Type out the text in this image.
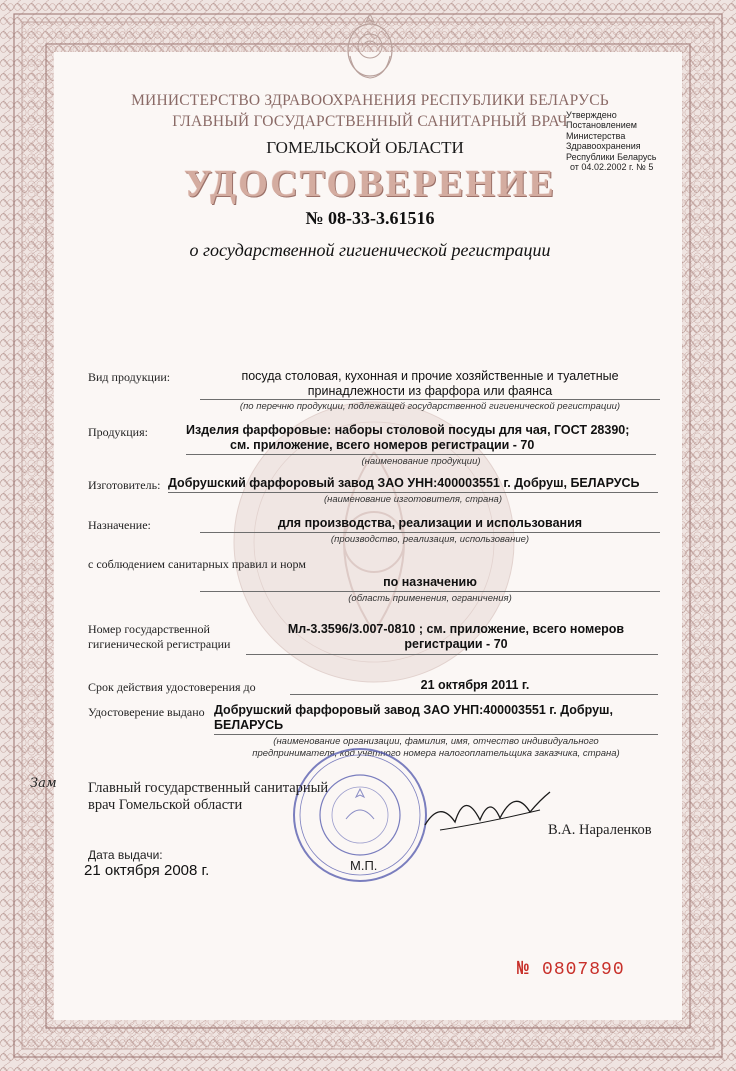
МИНИСТЕРСТВО ЗДРАВООХРАНЕНИЯ РЕСПУБЛИКИ БЕЛАРУСЬ
ГЛАВНЫЙ ГОСУДАРСТВЕННЫЙ САНИТАРНЫЙ ВРАЧ
ГОМЕЛЬСКОЙ ОБЛАСТИ
Утверждено
Постановлением
Министерства
Здравоохранения
Республики Беларусь
от 04.02.2002 г. № 5
УДОСТОВЕРЕНИЕ
№ 08-33-3.61516
о государственной гигиенической регистрации
Вид продукции:	посуда столовая, кухонная и прочие хозяйственные и туалетные
принадлежности из фарфора или фаянса
(по перечню продукции, подлежащей государственной гигиенической регистрации)
Продукция:	Изделия фарфоровые: наборы столовой посуды для чая, ГОСТ 28390;
см. приложение, всего номеров регистрации - 70
(наименование продукции)
Изготовитель: Добрушский фарфоровый завод ЗАО УНН:400003551 г. Добруш, БЕЛАРУСЬ
(наименование изготовителя, страна)
Назначение:	для производства, реализации и использования
(производство, реализация, использование)
с соблюдением санитарных правил и норм
по назначению
(область применения, ограничения)
Номер государственной
гигиенической регистрации
Мл-3.3596/3.007-0810 ; см. приложение, всего номеров
регистрации - 70
Срок действия удостоверения до	21 октября 2011 г.
Удостоверение выдано Добрушский фарфоровый завод ЗАО УНП:400003551 г. Добруш,
БЕЛАРУСЬ
(наименование организации, фамилия, имя, отчество индивидуального
предпринимателя, код учетного номера налогоплательщика заказчика, страна)
Главный государственный санитарный
врач Гомельской области
Зам
В.А. Нараленков
М.П.
Дата выдачи:
21 октября 2008 г.
№ 0807890
